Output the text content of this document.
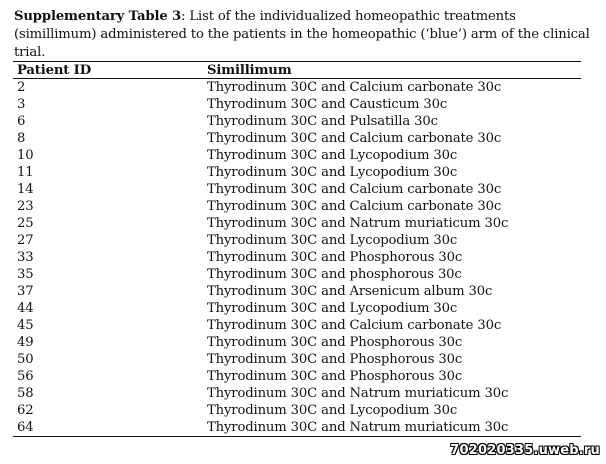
Supplementary Table 3: List of the individualized homeopathic treatments (simillimum) administered to the patients in the homeopathic (‘blue’) arm of the clinical trial.
Patient ID	Simillimum
2	Thyrodinum 30C and Calcium carbonate 30c
3	Thyrodinum 30C and Causticum 30c
6	Thyrodinum 30C and Pulsatilla 30c
8	Thyrodinum 30C and Calcium carbonate 30c
10	Thyrodinum 30C and Lycopodium 30c
11	Thyrodinum 30C and Lycopodium 30c
14	Thyrodinum 30C and Calcium carbonate 30c
23	Thyrodinum 30C and Calcium carbonate 30c
25	Thyrodinum 30C and Natrum muriaticum 30c
27	Thyrodinum 30C and Lycopodium 30c
33	Thyrodinum 30C and Phosphorous 30c
35	Thyrodinum 30C and phosphorous 30c
37	Thyrodinum 30C and Arsenicum album 30c
44	Thyrodinum 30C and Lycopodium 30c
45	Thyrodinum 30C and Calcium carbonate 30c
49	Thyrodinum 30C and Phosphorous 30c
50	Thyrodinum 30C and Phosphorous 30c
56	Thyrodinum 30C and Phosphorous 30c
58	Thyrodinum 30C and Natrum muriaticum 30c
62	Thyrodinum 30C and Lycopodium 30c
64	Thyrodinum 30C and Natrum muriaticum 30c
702020335.uweb.ru
